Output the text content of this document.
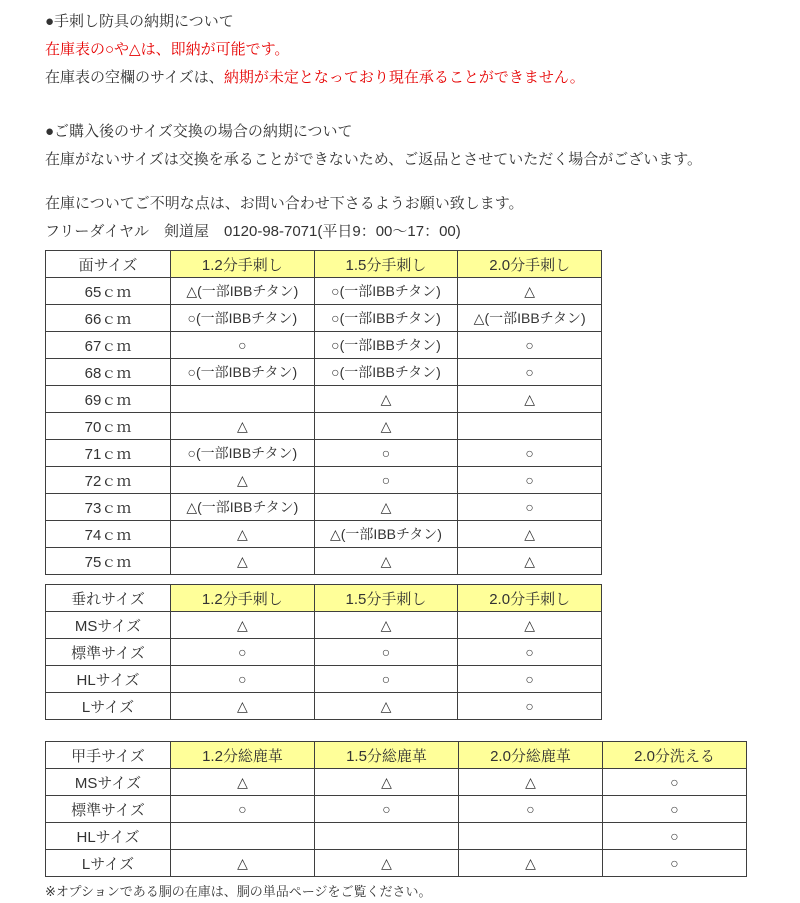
●手刺し防具の納期について

在庫表の○や△は、即納が可能です。

在庫表の空欄のサイズは、納期が未定となっており現在承ることができません。

●ご購入後のサイズ交換の場合の納期について

在庫がないサイズは交換を承ることができないため、ご返品とさせていただく場合がございます。

在庫についてご不明な点は、お問い合わせ下さるようお願い致します。

フリーダイヤル　剣道屋　0120-98-7071(平日9：00～17：00)

面サイズ	1.2分手刺し	1.5分手刺し	2.0分手刺し
65ｃｍ	△(一部IBBチタン)	○(一部IBBチタン)	△
66ｃｍ	○(一部IBBチタン)	○(一部IBBチタン)	△(一部IBBチタン)
67ｃｍ	○	○(一部IBBチタン)	○
68ｃｍ	○(一部IBBチタン)	○(一部IBBチタン)	○
69ｃｍ		△	△
70ｃｍ	△	△	
71ｃｍ	○(一部IBBチタン)	○	○
72ｃｍ	△	○	○
73ｃｍ	△(一部IBBチタン)	△	○
74ｃｍ	△	△(一部IBBチタン)	△
75ｃｍ	△	△	△
垂れサイズ	1.2分手刺し	1.5分手刺し	2.0分手刺し
MSサイズ	△	△	△
標準サイズ	○	○	○
HLサイズ	○	○	○
Lサイズ	△	△	○
甲手サイズ	1.2分総鹿革	1.5分総鹿革	2.0分総鹿革	2.0分洗える
MSサイズ	△	△	△	○
標準サイズ	○	○	○	○
HLサイズ				○
Lサイズ	△	△	△	○

※オプションである胴の在庫は、胴の単品ページをご覧ください。
